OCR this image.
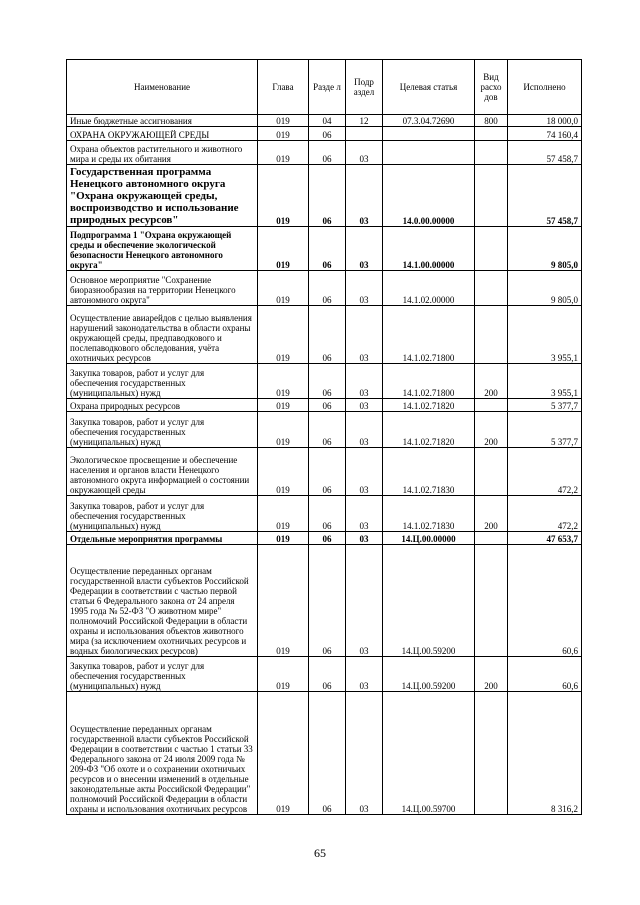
Наименование	Глава	Разде л	Подр аздел	Целевая статья	Вид расхо дов	Исполнено
Иные бюджетные ассигнования	019	04	12	07.3.04.72690	800	18 000,0
ОХРАНА ОКРУЖАЮЩЕЙ СРЕДЫ	019	06				74 160,4
Охрана объектов растительного и животного мира и среды их обитания	019	06	03			57 458,7
Государственная программа Ненецкого автономного округа "Охрана окружающей среды, воспроизводство и использование природных ресурсов"	019	06	03	14.0.00.00000		57 458,7
Подпрограмма 1 "Охрана окружающей среды и обеспечение экологической безопасности Ненецкого автономного округа"	019	06	03	14.1.00.00000		9 805,0
Основное мероприятие "Сохранение биоразнообразия на территории Ненецкого автономного округа"	019	06	03	14.1.02.00000		9 805,0
Осуществление авиарейдов с целью выявления нарушений законодательства в области охраны окружающей среды, предпаводкового и послепаводкового обследования, учёта охотничьих ресурсов	019	06	03	14.1.02.71800		3 955,1
Закупка товаров, работ и услуг для обеспечения государственных (муниципальных) нужд	019	06	03	14.1.02.71800	200	3 955,1
Охрана природных ресурсов	019	06	03	14.1.02.71820		5 377,7
Закупка товаров, работ и услуг для обеспечения государственных (муниципальных) нужд	019	06	03	14.1.02.71820	200	5 377,7
Экологическое просвещение и обеспечение населения и органов власти Ненецкого автономного округа информацией о состоянии окружающей среды	019	06	03	14.1.02.71830		472,2
Закупка товаров, работ и услуг для обеспечения государственных (муниципальных) нужд	019	06	03	14.1.02.71830	200	472,2
Отдельные мероприятия программы	019	06	03	14.Ц.00.00000		47 653,7
Осуществление переданных органам государственной власти субъектов Российской Федерации в соответствии с частью первой статьи 6 Федерального закона от 24 апреля 1995 года № 52-ФЗ "О животном мире" полномочий Российской Федерации в области охраны и использования объектов животного мира (за исключением охотничьих ресурсов и водных биологических ресурсов)	019	06	03	14.Ц.00.59200		60,6
Закупка товаров, работ и услуг для обеспечения государственных (муниципальных) нужд	019	06	03	14.Ц.00.59200	200	60,6
Осуществление переданных органам государственной власти субъектов Российской Федерации в соответствии с частью 1 статьи 33 Федерального закона от 24 июля 2009 года № 209-ФЗ "Об охоте и о сохранении охотничьих ресурсов и о внесении изменений в отдельные законодательные акты Российской Федерации" полномочий Российской Федерации в области охраны и использования охотничьих ресурсов	019	06	03	14.Ц.00.59700		8 316,2
65
